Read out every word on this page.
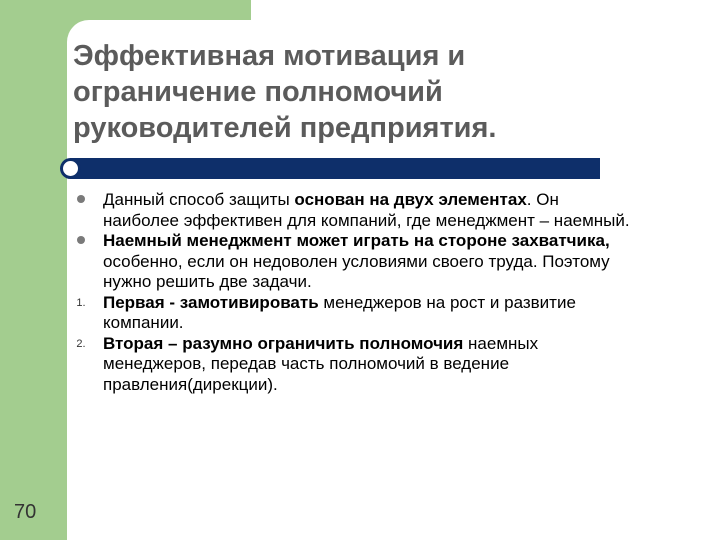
Эффективная мотивация и ограничение полномочий руководителей предприятия.
Данный способ защиты основан на двух элементах. Он наиболее эффективен для компаний, где менеджмент – наемный.
Наемный менеджмент может играть на стороне захватчика, особенно, если он недоволен условиями своего труда. Поэтому нужно решить две задачи.
1.	Первая - замотивировать менеджеров на рост и развитие компании.
2.	Вторая – разумно ограничить полномочия наемных менеджеров, передав часть полномочий в ведение правления(дирекции).
70
